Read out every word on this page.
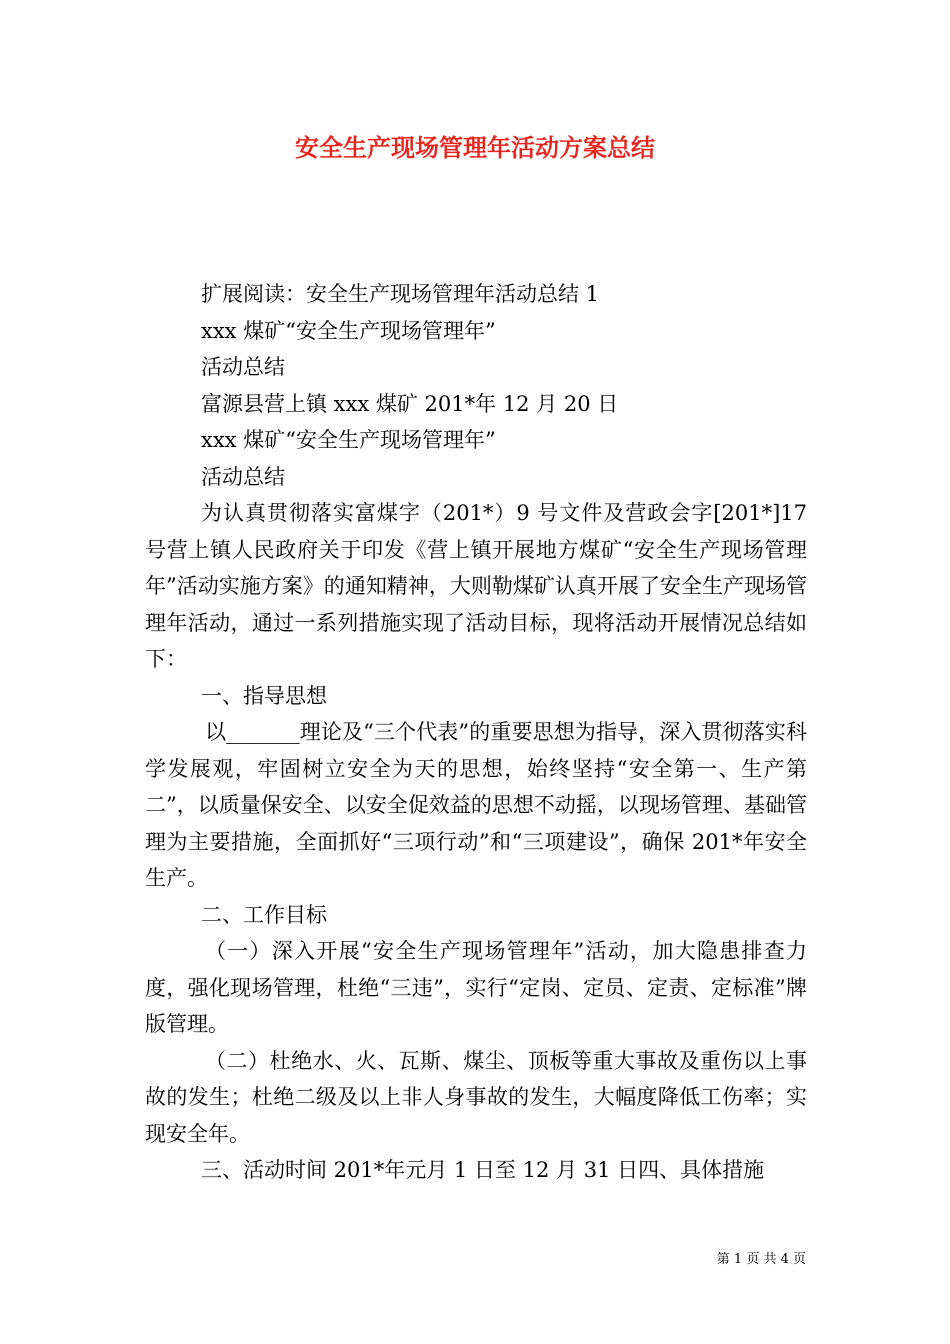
安全生产现场管理年活动方案总结
扩展阅读：安全生产现场管理年活动总结 1
xxx 煤矿“安全生产现场管理年”
活动总结
富源县营上镇 xxx 煤矿 201*年 12 月 20 日
xxx 煤矿“安全生产现场管理年”
活动总结
为认真贯彻落实富煤字（201*）9 号文件及营政会字[201*]17 号营上镇人民政府关于印发《营上镇开展地方煤矿“安全生产现场管理年”活动实施方案》的通知精神，大则勒煤矿认真开展了安全生产现场管理年活动，通过一系列措施实现了活动目标，现将活动开展情况总结如下：
一、指导思想
以_______理论及“三个代表”的重要思想为指导，深入贯彻落实科学发展观，牢固树立安全为天的思想，始终坚持“安全第一、生产第二”，以质量保安全、以安全促效益的思想不动摇，以现场管理、基础管理为主要措施，全面抓好“三项行动”和“三项建设”，确保 201*年安全生产。
二、工作目标
（一）深入开展“安全生产现场管理年”活动，加大隐患排查力度，强化现场管理，杜绝“三违”，实行“定岗、定员、定责、定标准”牌版管理。
（二）杜绝水、火、瓦斯、煤尘、顶板等重大事故及重伤以上事故的发生；杜绝二级及以上非人身事故的发生，大幅度降低工伤率；实现安全年。
三、活动时间 201*年元月 1 日至 12 月 31 日四、具体措施
第 1 页 共 4 页
